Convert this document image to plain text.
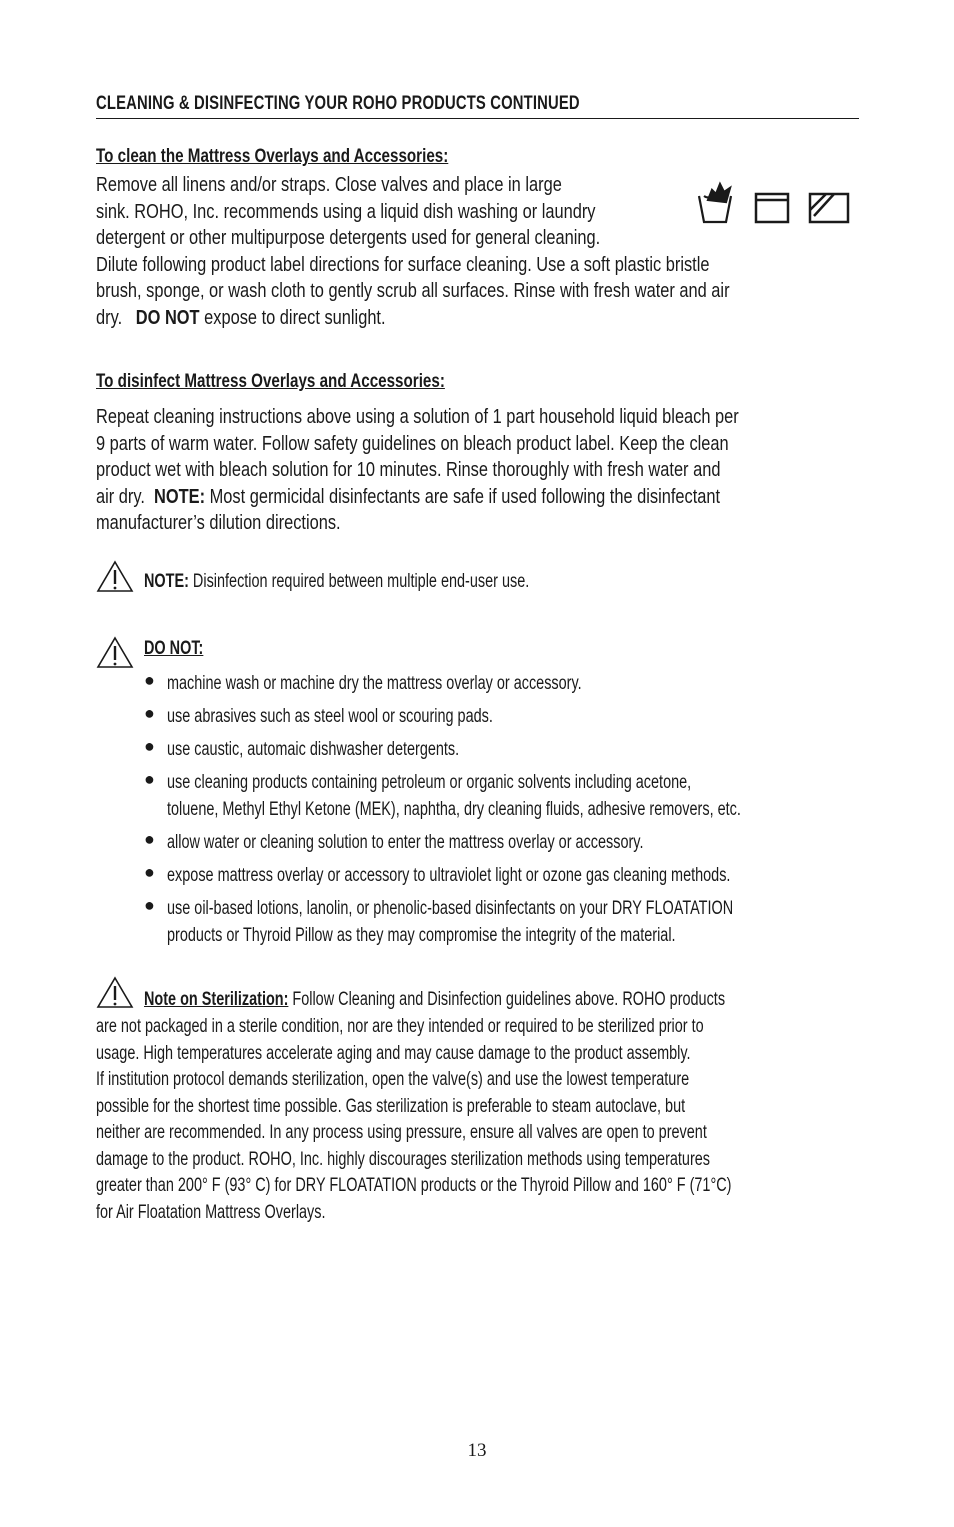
CLEANING & DISINFECTING YOUR ROHO PRODUCTS CONTINUED
To clean the Mattress Overlays and Accessories:
Remove all linens and/or straps. Close valves and place in large
sink. ROHO, Inc. recommends using a liquid dish washing or laundry
detergent or other multipurpose detergents used for general cleaning.
Dilute following product label directions for surface cleaning. Use a soft plastic bristle
brush, sponge, or wash cloth to gently scrub all surfaces. Rinse with fresh water and air
dry. DO NOT expose to direct sunlight.
To disinfect Mattress Overlays and Accessories:
Repeat cleaning instructions above using a solution of 1 part household liquid bleach per
9 parts of warm water. Follow safety guidelines on bleach product label. Keep the clean
product wet with bleach solution for 10 minutes. Rinse thoroughly with fresh water and
air dry. NOTE: Most germicidal disinfectants are safe if used following the disinfectant
manufacturer’s dilution directions.
NOTE: Disinfection required between multiple end-user use.
DO NOT:
● machine wash or machine dry the mattress overlay or accessory.
● use abrasives such as steel wool or scouring pads.
● use caustic, automaic dishwasher detergents.
● use cleaning products containing petroleum or organic solvents including acetone,
toluene, Methyl Ethyl Ketone (MEK), naphtha, dry cleaning fluids, adhesive removers, etc.
● allow water or cleaning solution to enter the mattress overlay or accessory.
● expose mattress overlay or accessory to ultraviolet light or ozone gas cleaning methods.
● use oil-based lotions, lanolin, or phenolic-based disinfectants on your DRY FLOATATION
products or Thyroid Pillow as they may compromise the integrity of the material.
Note on Sterilization: Follow Cleaning and Disinfection guidelines above. ROHO products
are not packaged in a sterile condition, nor are they intended or required to be sterilized prior to
usage. High temperatures accelerate aging and may cause damage to the product assembly.
If institution protocol demands sterilization, open the valve(s) and use the lowest temperature
possible for the shortest time possible. Gas sterilization is preferable to steam autoclave, but
neither are recommended. In any process using pressure, ensure all valves are open to prevent
damage to the product. ROHO, Inc. highly discourages sterilization methods using temperatures
greater than 200° F (93° C) for DRY FLOATATION products or the Thyroid Pillow and 160° F (71°C)
for Air Floatation Mattress Overlays.
13
